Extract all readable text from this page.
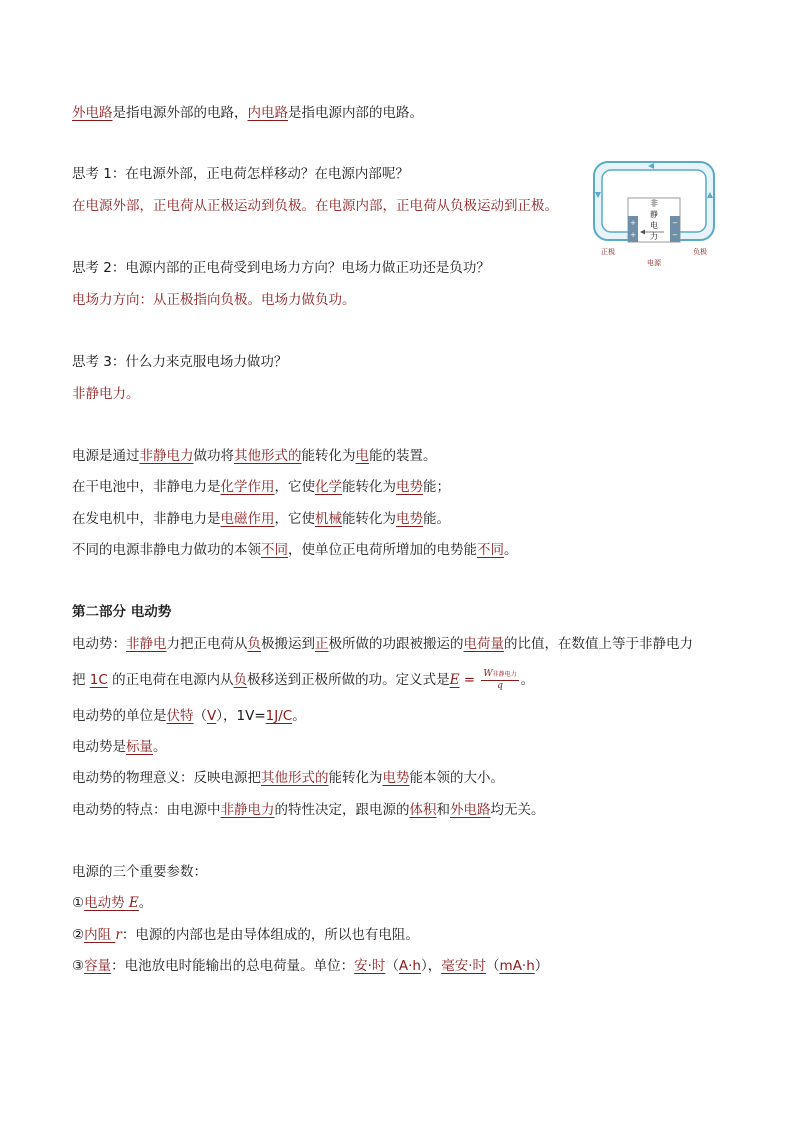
外电路是指电源外部的电路，内电路是指电源内部的电路。
思考 1：在电源外部，正电荷怎样移动？在电源内部呢？
在电源外部，正电荷从正极运动到负极。在电源内部，正电荷从负极运动到正极。
思考 2：电源内部的正电荷受到电场力方向？电场力做正功还是负功？
电场力方向：从正极指向负极。电场力做负功。
思考 3：什么力来克服电场力做功？
非静电力。
电源是通过非静电力做功将其他形式的能转化为电能的装置。
在干电池中，非静电力是化学作用，它使化学能转化为电势能；
在发电机中，非静电力是电磁作用，它使机械能转化为电势能。
不同的电源非静电力做功的本领不同，使单位正电荷所增加的电势能不同。
第二部分 电动势
电动势：非静电力把正电荷从负极搬运到正极所做的功跟被搬运的电荷量的比值，在数值上等于非静电力
把 1C 的正电荷在电源内从负极移送到正极所做的功。定义式是$E = \frac{\text{W非静电力}}{q}$ 。
电动势的单位是伏特（V），1V=1J/C。
电动势是标量。
电动势的物理意义：反映电源把其他形式的能转化为电势能本领的大小。
电动势的特点：由电源中非静电力的特性决定，跟电源的体积和外电路均无关。
电源的三个重要参数：
①电动势 E。
②内阻 r：电源的内部也是由导体组成的，所以也有电阻。
③容量：电池放电时能输出的总电荷量。单位：安·时（A·h），毫安·时（mA·h）
+
+
−
−
非
静
电
力
正极	负极
电源
